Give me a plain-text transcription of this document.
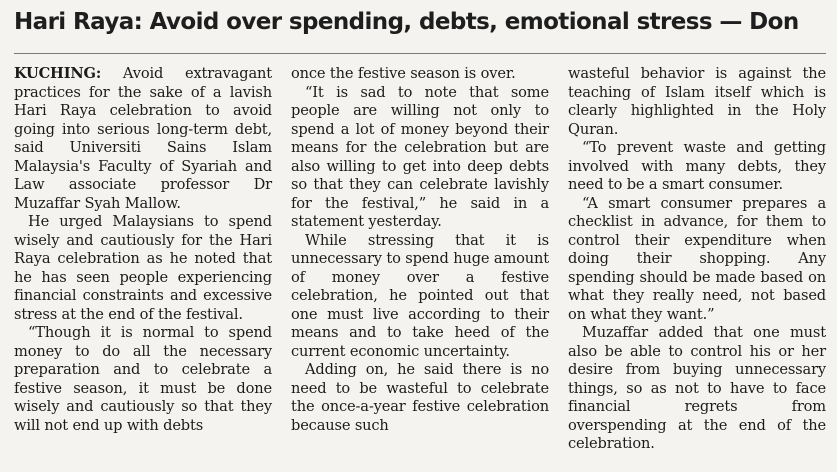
Hari Raya: Avoid over spending, debts, emotional stress — Don

KUCHING: Avoid extravagant practices for the sake of a lavish Hari Raya celebration to avoid going into serious long-term debt, said Universiti Sains Islam Malaysia's Faculty of Syariah and Law associate professor Dr Muzaffar Syah Mallow.

He urged Malaysians to spend wisely and cautiously for the Hari Raya celebration as he noted that he has seen people experiencing financial constraints and excessive stress at the end of the festival.

“Though it is normal to spend money to do all the necessary preparation and to celebrate a festive season, it must be done wisely and cautiously so that they will not end up with debts

once the festive season is over.

“It is sad to note that some people are willing not only to spend a lot of money beyond their means for the celebration but are also willing to get into deep debts so that they can celebrate lavishly for the festival,” he said in a statement yesterday.

While stressing that it is unnecessary to spend huge amount of money over a festive celebration, he pointed out that one must live according to their means and to take heed of the current economic uncertainty.

Adding on, he said there is no need to be wasteful to celebrate the once-a-year festive celebration because such

wasteful behavior is against the teaching of Islam itself which is clearly highlighted in the Holy Quran.

“To prevent waste and getting involved with many debts, they need to be a smart consumer.

“A smart consumer prepares a checklist in advance, for them to control their expenditure when doing their shopping. Any spending should be made based on what they really need, not based on what they want.”

Muzaffar added that one must also be able to control his or her desire from buying unnecessary things, so as not to have to face financial regrets from overspending at the end of the celebration.
